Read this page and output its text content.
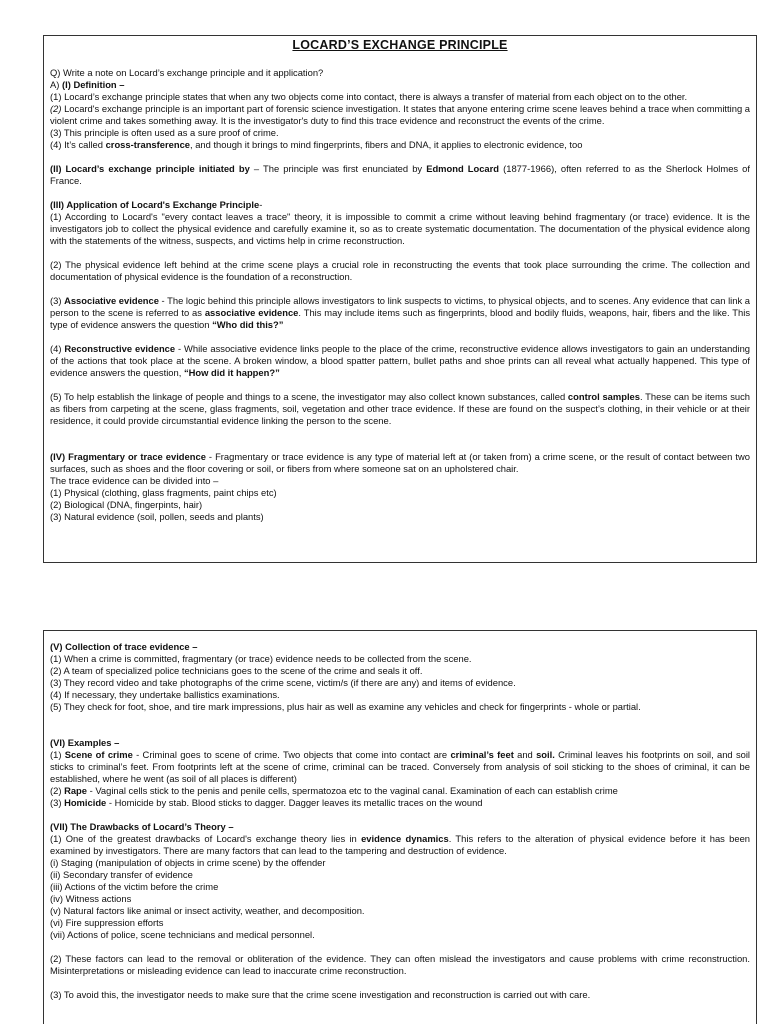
LOCARD’S EXCHANGE PRINCIPLE

Q) Write a note on Locard’s exchange principle and it application?

A) (I) Definition –

(1) Locard’s exchange principle states that when any two objects come into contact, there is always a transfer of material from each object on to the other.

(2) Locard's exchange principle is an important part of forensic science investigation. It states that anyone entering crime scene leaves behind a trace when committing a violent crime and takes something away. It is the investigator's duty to find this trace evidence and reconstruct the events of the crime.

(3) This principle is often used as a sure proof of crime.

(4) It’s called cross-transference, and though it brings to mind fingerprints, fibers and DNA, it applies to electronic evidence, too

(II) Locard’s exchange principle initiated by – The principle was first enunciated by Edmond Locard (1877-1966), often referred to as the Sherlock Holmes of France.

(III) Application of Locard's Exchange Principle-

(1) According to Locard's "every contact leaves a trace" theory, it is impossible to commit a crime without leaving behind fragmentary (or trace) evidence. It is the investigators job to collect the physical evidence and carefully examine it, so as to create systematic documentation. The documentation of the physical evidence along with the statements of the witness, suspects, and victims help in crime reconstruction.

(2) The physical evidence left behind at the crime scene plays a crucial role in reconstructing the events that took place surrounding the crime. The collection and documentation of physical evidence is the foundation of a reconstruction.

(3) Associative evidence - The logic behind this principle allows investigators to link suspects to victims, to physical objects, and to scenes. Any evidence that can link a person to the scene is referred to as associative evidence. This may include items such as fingerprints, blood and bodily fluids, weapons, hair, fibers and the like. This type of evidence answers the question “Who did this?”

(4) Reconstructive evidence - While associative evidence links people to the place of the crime, reconstructive evidence allows investigators to gain an understanding of the actions that took place at the scene. A broken window, a blood spatter pattern, bullet paths and shoe prints can all reveal what actually happened. This type of evidence answers the question, “How did it happen?”

(5) To help establish the linkage of people and things to a scene, the investigator may also collect known substances, called control samples. These can be items such as fibers from carpeting at the scene, glass fragments, soil, vegetation and other trace evidence. If these are found on the suspect’s clothing, in their vehicle or at their residence, it could provide circumstantial evidence linking the person to the scene.

(IV) Fragmentary or trace evidence - Fragmentary or trace evidence is any type of material left at (or taken from) a crime scene, or the result of contact between two surfaces, such as shoes and the floor covering or soil, or fibers from where someone sat on an upholstered chair.

The trace evidence can be divided into –

(1) Physical (clothing, glass fragments, paint chips etc)

(2) Biological (DNA, fingerpints, hair)

(3) Natural evidence (soil, pollen, seeds and plants)

(V) Collection of trace evidence –

(1) When a crime is committed, fragmentary (or trace) evidence needs to be collected from the scene.

(2) A team of specialized police technicians goes to the scene of the crime and seals it off.

(3) They record video and take photographs of the crime scene, victim/s (if there are any) and items of evidence.

(4) If necessary, they undertake ballistics examinations.

(5) They check for foot, shoe, and tire mark impressions, plus hair as well as examine any vehicles and check for fingerprints - whole or partial.

(VI) Examples –

(1) Scene of crime - Criminal goes to scene of crime. Two objects that come into contact are criminal’s feet and soil. Criminal leaves his footprints on soil, and soil sticks to criminal’s feet. From footprints left at the scene of crime, criminal can be traced. Conversely from analysis of soil sticking to the shoes of criminal, it can be established, where he went (as soil of all places is different)

(2) Rape - Vaginal cells stick to the penis and penile cells, spermatozoa etc to the vaginal canal. Examination of each can establish crime

(3) Homicide - Homicide by stab. Blood sticks to dagger. Dagger leaves its metallic traces on the wound

(VII) The Drawbacks of Locard’s Theory –

(1) One of the greatest drawbacks of Locard's exchange theory lies in evidence dynamics. This refers to the alteration of physical evidence before it has been examined by investigators. There are many factors that can lead to the tampering and destruction of evidence.

(i) Staging (manipulation of objects in crime scene) by the offender

(ii) Secondary transfer of evidence

(iii) Actions of the victim before the crime

(iv) Witness actions

(v) Natural factors like animal or insect activity, weather, and decomposition.

(vi) Fire suppression efforts

(vii) Actions of police, scene technicians and medical personnel.

(2) These factors can lead to the removal or obliteration of the evidence. They can often mislead the investigators and cause problems with crime reconstruction. Misinterpretations or misleading evidence can lead to inaccurate crime reconstruction.

(3) To avoid this, the investigator needs to make sure that the crime scene investigation and reconstruction is carried out with care.
